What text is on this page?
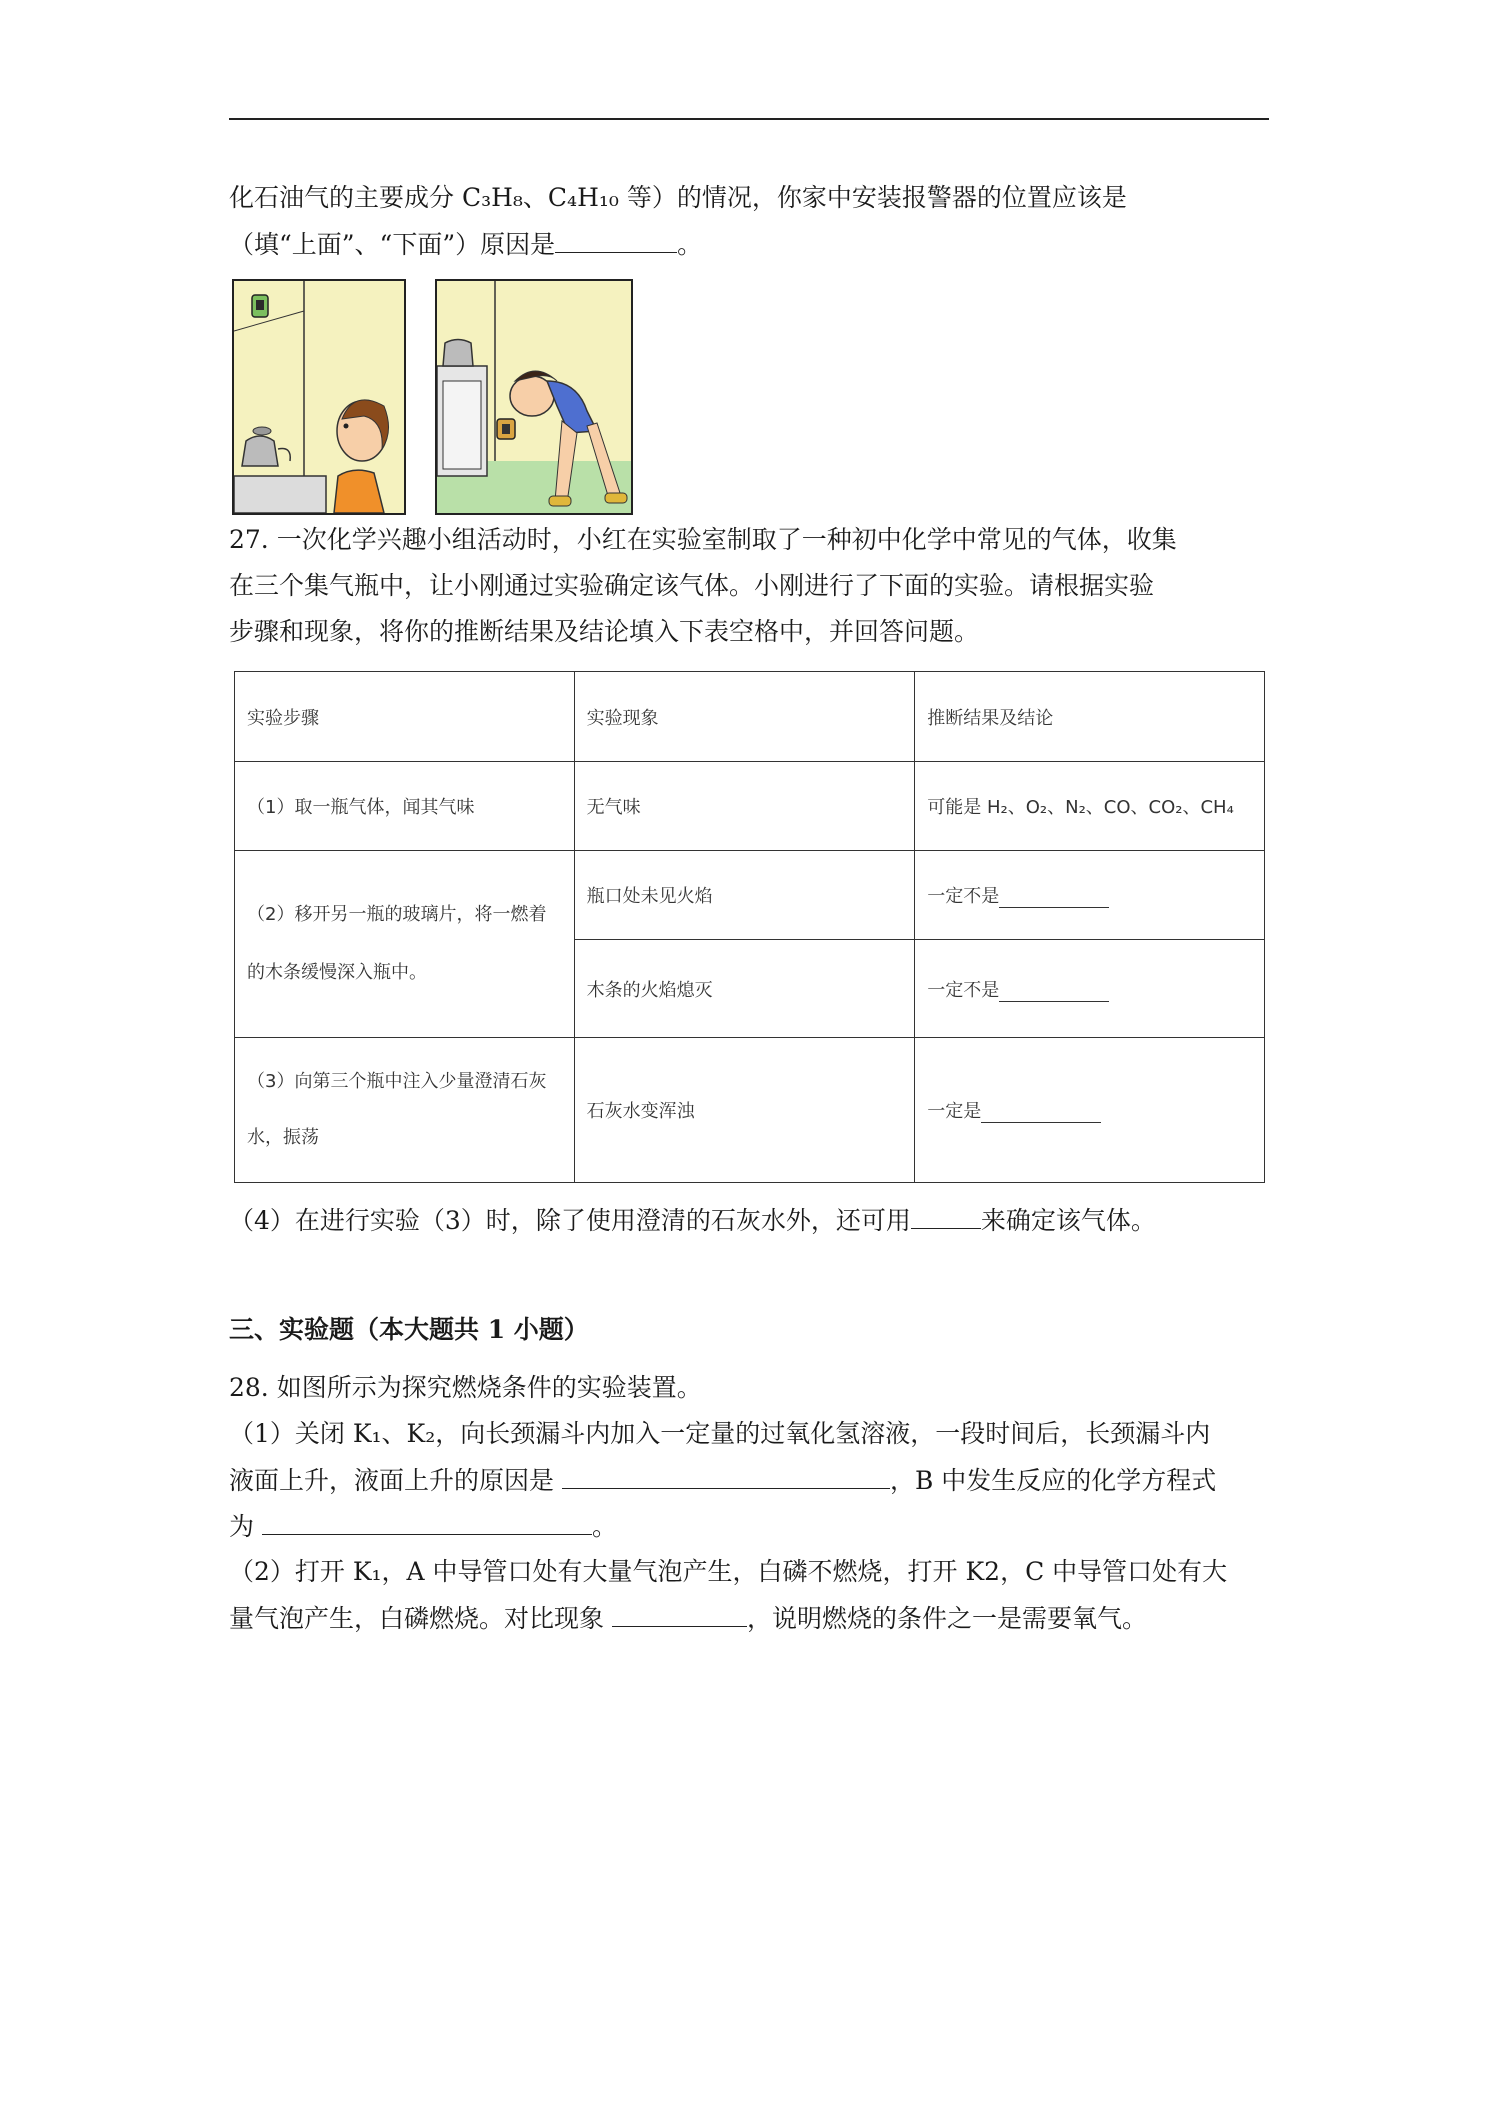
化石油气的主要成分 C₃H₈、C₄H₁₀ 等）的情况，你家中安装报警器的位置应该是
（填“上面”、“下面”）原因是	。
27. 一次化学兴趣小组活动时，小红在实验室制取了一种初中化学中常见的气体，收集
在三个集气瓶中，让小刚通过实验确定该气体。小刚进行了下面的实验。请根据实验
步骤和现象，将你的推断结果及结论填入下表空格中，并回答问题。
实验步骤	实验现象	推断结果及结论
（1）取一瓶气体，闻其气味	无气味	可能是 H₂、O₂、N₂、CO、CO₂、CH₄

（2）移开另一瓶的玻璃片，将一燃着
的木条缓慢深入瓶中。	瓶口处未见火焰	一定不是
	木条的火焰熄灭	一定不是

（3）向第三个瓶中注入少量澄清石灰
水，振荡	石灰水变浑浊	一定是
（4）在进行实验（3）时，除了使用澄清的石灰水外，还可用	来确定该气体。
三、实验题（本大题共 1 小题）
28. 如图所示为探究燃烧条件的实验装置。
（1）关闭 K₁、K₂，向长颈漏斗内加入一定量的过氧化氢溶液，一段时间后，长颈漏斗内
液面上升，液面上升的原因是	，B 中发生反应的化学方程式
为	。
（2）打开 K₁，A 中导管口处有大量气泡产生，白磷不燃烧，打开 K2，C 中导管口处有大
量气泡产生，白磷燃烧。对比现象	，说明燃烧的条件之一是需要氧气。
